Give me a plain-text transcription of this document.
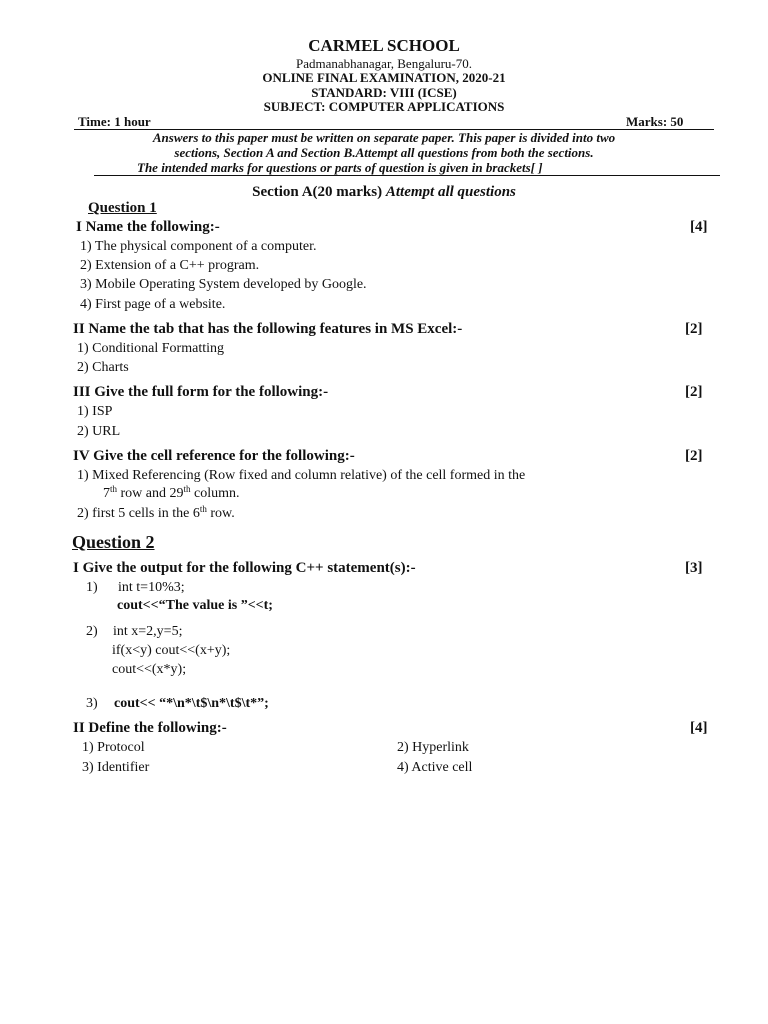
CARMEL SCHOOL
Padmanabhanagar, Bengaluru-70.
ONLINE FINAL EXAMINATION, 2020-21
STANDARD: VIII (ICSE)
SUBJECT: COMPUTER APPLICATIONS
Time: 1 hour	Marks: 50
Answers to this paper must be written on separate paper. This paper is divided into two
sections, Section A and Section B.Attempt all questions from both the sections.
The intended marks for questions or parts of question is given in brackets[ ]
Section A(20 marks) Attempt all questions
Question 1
I Name the following:-	[4]
1) The physical component of a computer.
2) Extension of a C++ program.
3) Mobile Operating System developed by Google.
4) First page of a website.
II Name the tab that has the following features in MS Excel:-	[2]
1) Conditional Formatting
2) Charts
III Give the full form for the following:-	[2]
1) ISP
2) URL
IV Give the cell reference for the following:-	[2]
1) Mixed Referencing (Row fixed and column relative) of the cell formed in the
7th row and 29th column.
2) first 5 cells in the 6th row.
Question 2
I Give the output for the following C++ statement(s):-	[3]
1) int t=10%3;
cout<<“The value is ”<<t;
2) int x=2,y=5;
if(x<y) cout<<(x+y);
cout<<(x*y);
3) cout<< “*\n*\t$\n*\t$\t*”;
II Define the following:-	[4]
1) Protocol	2) Hyperlink
3) Identifier	4) Active cell
